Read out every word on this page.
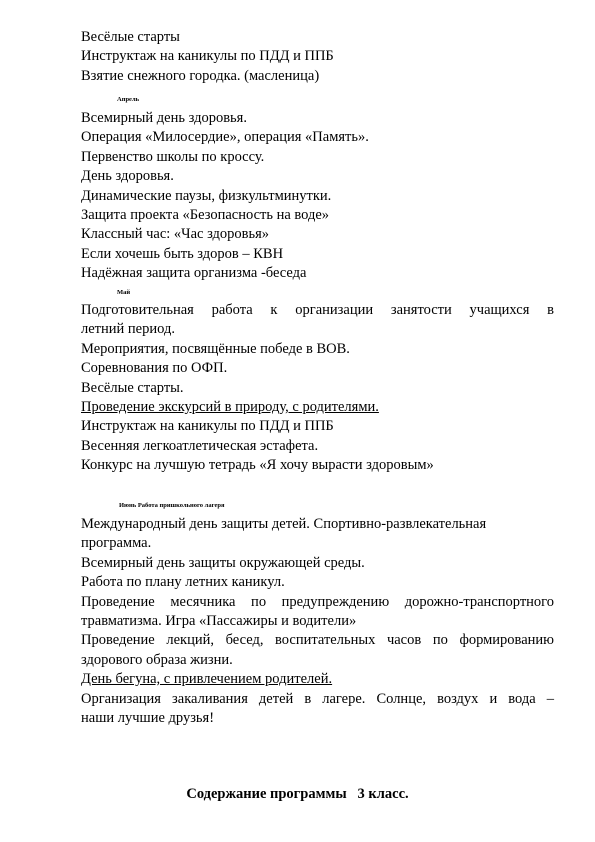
Весёлые старты
Инструктаж на каникулы по ПДД и ППБ
Взятие снежного городка. (масленица)
Апрель
Всемирный день здоровья.
Операция «Милосердие», операция «Память».
Первенство школы по кроссу.
День здоровья.
Динамические паузы, физкультминутки.
Защита проекта «Безопасность на воде»
Классный час: «Час здоровья»
Если хочешь быть здоров – КВН
Надёжная защита организма -беседа
Май
Подготовительная работа к организации занятости учащихся в
летний период.
Мероприятия, посвящённые победе в ВОВ.
Соревнования по ОФП.
Весёлые старты.
Проведение экскурсий в природу, с родителями.
Инструктаж на каникулы по ПДД и ППБ
Весенняя легкоатлетическая эстафета.
Конкурс на лучшую тетрадь «Я хочу вырасти здоровым»
Июнь Работа пришкольного лагеря
Международный день защиты детей. Спортивно-развлекательная
программа.
Всемирный день защиты окружающей среды.
Работа по плану летних каникул.
Проведение месячника по предупреждению дорожно-транспортного
травматизма. Игра «Пассажиры и водители»
Проведение лекций, бесед, воспитательных часов по формированию
здорового образа жизни.
День бегуна, с привлечением родителей.
Организация закаливания детей в лагере. Солнце, воздух и вода –
наши лучшие друзья!
Содержание программы   3 класс.
